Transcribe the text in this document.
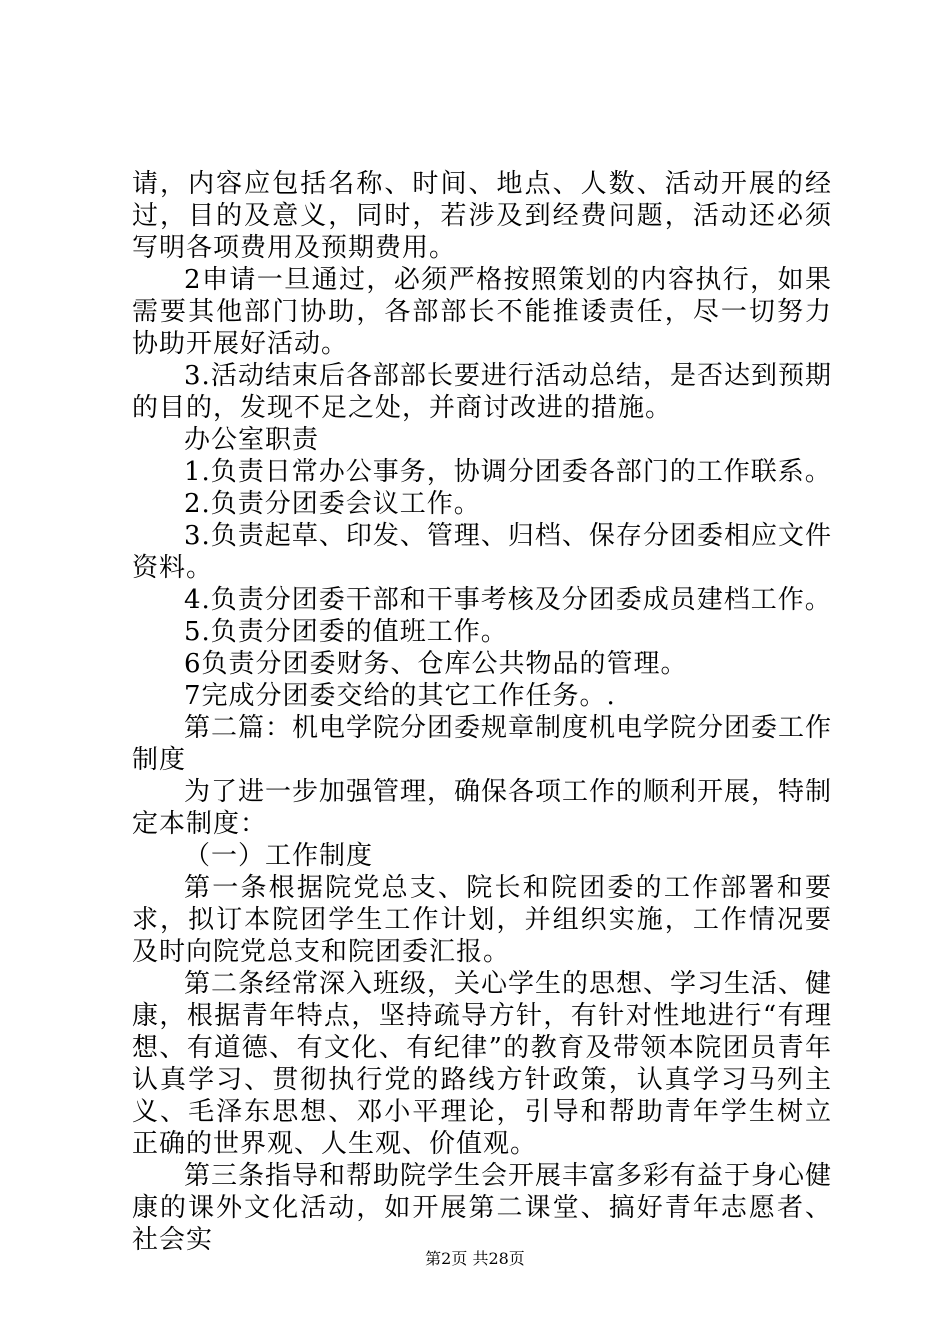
请，内容应包括名称、时间、地点、人数、活动开展的经过，目的及意义，同时，若涉及到经费问题，活动还必须写明各项费用及预期费用。

2申请一旦通过，必须严格按照策划的内容执行，如果需要其他部门协助，各部部长不能推诿责任，尽一切努力协助开展好活动。

3.活动结束后各部部长要进行活动总结，是否达到预期的目的，发现不足之处，并商讨改进的措施。

办公室职责

1.负责日常办公事务，协调分团委各部门的工作联系。

2.负责分团委会议工作。

3.负责起草、印发、管理、归档、保存分团委相应文件资料。

4.负责分团委干部和干事考核及分团委成员建档工作。

5.负责分团委的值班工作。

6负责分团委财务、仓库公共物品的管理。

7完成分团委交给的其它工作任务。.

第二篇：机电学院分团委规章制度机电学院分团委工作制度

为了进一步加强管理，确保各项工作的顺利开展，特制定本制度：

（一）工作制度

第一条根据院党总支、院长和院团委的工作部署和要求，拟订本院团学生工作计划，并组织实施，工作情况要及时向院党总支和院团委汇报。

第二条经常深入班级，关心学生的思想、学习生活、健康，根据青年特点，坚持疏导方针，有针对性地进行“有理想、有道德、有文化、有纪律”的教育及带领本院团员青年认真学习、贯彻执行党的路线方针政策，认真学习马列主义、毛泽东思想、邓小平理论，引导和帮助青年学生树立正确的世界观、人生观、价值观。

第三条指导和帮助院学生会开展丰富多彩有益于身心健康的课外文化活动，如开展第二课堂、搞好青年志愿者、社会实

第2页 共28页
